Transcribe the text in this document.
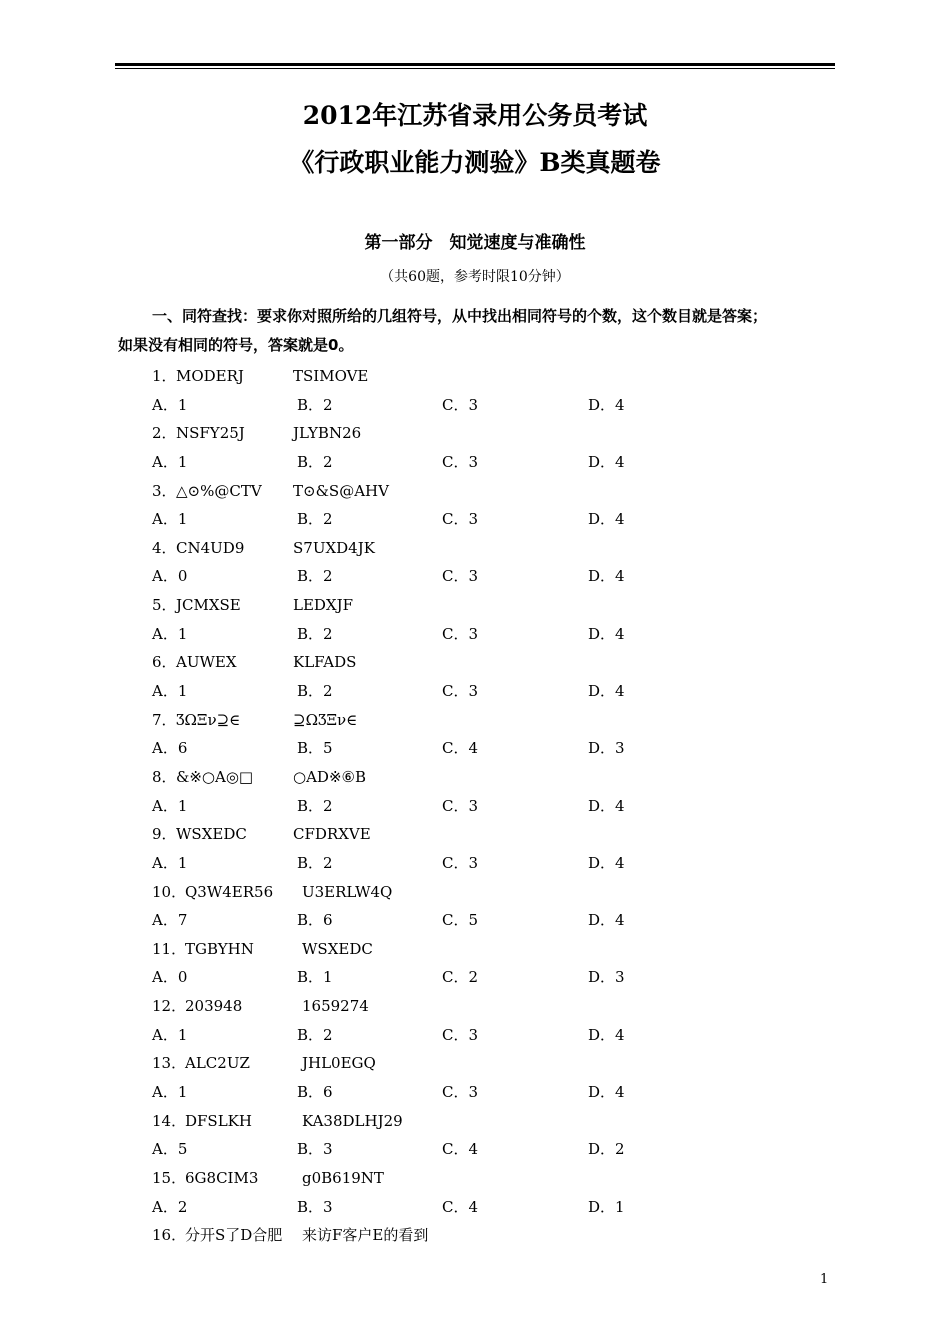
2012年江苏省录用公务员考试
《行政职业能力测验》B类真题卷
第一部分　知觉速度与准确性
（共60题，参考时限10分钟）
一、同符查找：要求你对照所给的几组符号，从中找出相同符号的个数，这个数目就是答案；
如果没有相同的符号，答案就是0。
1． MODERJ	TSIMOVE
A．1	B．2	C．3	D．4
2． NSFY25J	JLYBN26
A．1	B．2	C．3	D．4
3． △⊙%@CTV T⊙&S@AHV
A．1	B．2	C．3	D．4
4． CN4UD9	S7UXD4JK
A．0	B．2	C．3	D．4
5． JCMXSE	LEDXJF
A．1	B．2	C．3	D．4
6． AUWEX	KLFADS
A．1	B．2	C．3	D．4
7． ƷΩΞν⊇∈	⊇ΩƷΞν∈
A．6	B．5	C．4	D．3
8． &※○A◎□	○AD※⑥B
A．1	B．2	C．3	D．4
9． WSXEDC	CFDRXVE
A．1	B．2	C．3	D．4
10．
Q3W4ER56 U3ERLW4Q
A．7	B．6	C．5	D．4
11．
TGBYHN	WSXEDC
A．0	B．1	C．2	D．3
12．
203948	1659274
A．1	B．2	C．3	D．4
13．
ALC2UZ	JHL0EGQ
A．1	B．6	C．3	D．4
14．
DFSLKH	KA38DLHJ29
A．5	B．3	C．4	D．2
15．
6G8CIM3	g0B619NT
A．2	B．3	C．4	D．1
16．
分开S了D合肥 来访F客户E的看到
1
